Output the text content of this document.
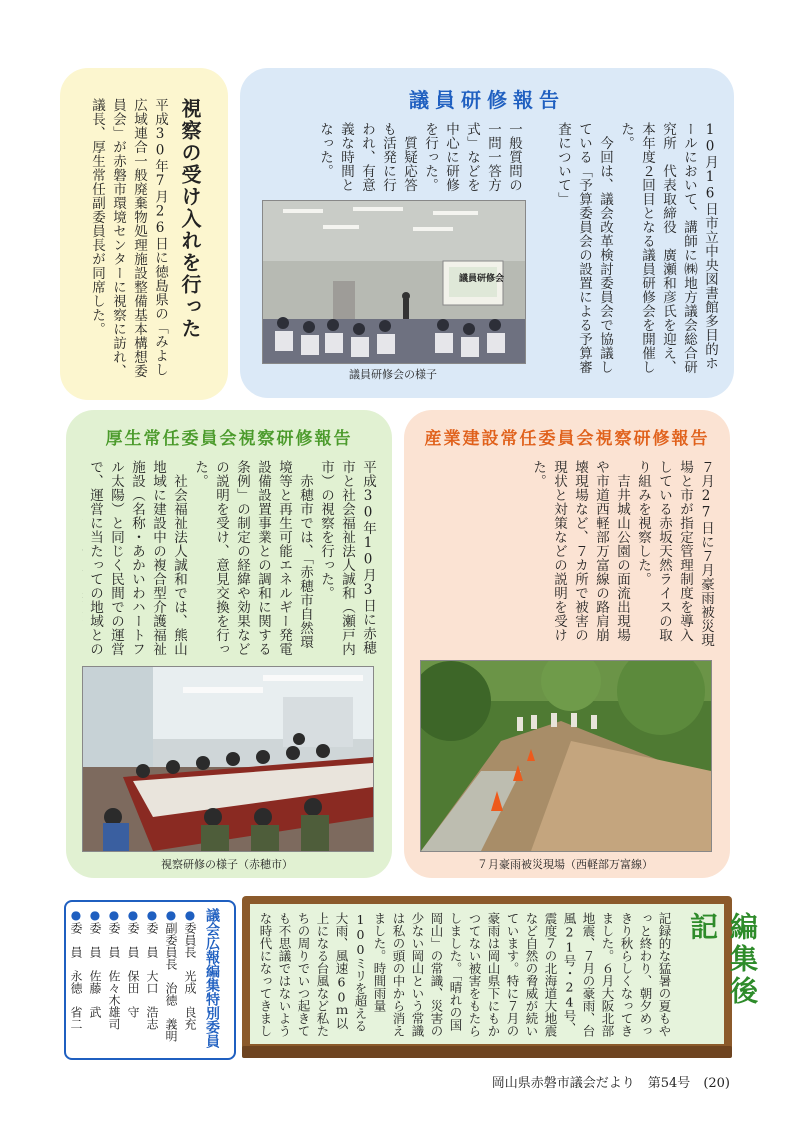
視察の受け入れを行った
平成30年7月26日に徳島県の「みよし広域連合一般廃棄物処理施設整備基本構想委員会」が赤磐市環境センターに視察に訪れ、議長、厚生常任副委員長が同席した。	議員研修報告
10月16日市立中央図書館多目的ホールにおいて、講師に㈱地方議会総合研究所　代表取締役　廣瀬和彦氏を迎え、本年度２回目となる議員研修会を開催した。
　今回は、議会改革検討委員会で協議している「予算委員会の設置による予算審査について」
一般質問の一問一答方式」などを中心に研修を行った。
　質疑応答も活発に行われ、有意義な時間となった。
議員研修会
議員研修会の様子
厚生常任委員会視察研修報告
平成30年10月3日に赤穂市と社会福祉法人誠和（瀬戸内市）の視察を行った。
　赤穂市では、「赤穂市自然環境等と再生可能エネルギー発電設備設置事業との調和に関する条例」の制定の経緯や効果などの説明を受け、意見交換を行った。
　社会福祉法人誠和では、熊山地域に建設中の複合型介護福祉施設（名称・あかいわハートフル太陽）と同じく民間での運営で、運営に当たっての地域との
視察研修の様子（赤穂市）
産業建設常任委員会視察研修報告
７月27日に７月豪雨被災現場と市が指定管理制度を導入している赤坂天然ライスの取り組みを視察した。
　吉井城山公園の面流出現場や市道西軽部万富線の路肩崩壊現場など、７カ所で被害の現状と対策などの説明を受けた。
７月豪雨被災現場（西軽部万富線）
議会広報編集特別委員
●委員長　光成　良充
●副委員長　治徳　義明
●委　員　大口　浩志
●委　員　保田　守
●委　員　佐々木雄司
●委　員　佐藤　武
●委　員　永徳　省二	編集後記
記録的な猛暑の夏もやっと終わり、朝夕めっきり秋らしくなってきました。６月大阪北部地震、７月の豪雨、台風21号・24号、震度７の北海道大地震など自然の脅威が続いています。特に７月の豪雨は岡山県下にもかつてない被害をもたらしました。「晴れの国岡山」の常識、災害の少ない岡山という常識は私の頭の中から消えました。時間雨量100ミリを超える大雨、風速60ｍ以上になる台風など私たちの周りでいつ起きても不思議ではないような時代になってきまし
岡山県赤磐市議会だより　 第54号　 (20)
